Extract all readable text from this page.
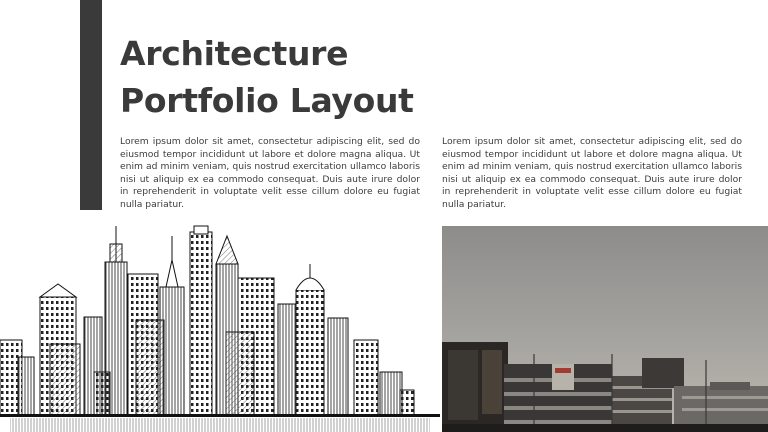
Architecture
Portfolio Layout

Lorem ipsum dolor sit amet, consectetur adipiscing elit, sed do eiusmod tempor incididunt ut labore et dolore magna aliqua. Ut enim ad minim veniam, quis nostrud exercitation ullamco laboris nisi ut aliquip ex ea commodo consequat. Duis aute irure dolor in reprehenderit in voluptate velit esse cillum dolore eu fugiat nulla pariatur.

Lorem ipsum dolor sit amet, consectetur adipiscing elit, sed do eiusmod tempor incididunt ut labore et dolore magna aliqua. Ut enim ad minim veniam, quis nostrud exercitation ullamco laboris nisi ut aliquip ex ea commodo consequat. Duis aute irure dolor in reprehenderit in voluptate velit esse cillum dolore eu fugiat nulla pariatur.
